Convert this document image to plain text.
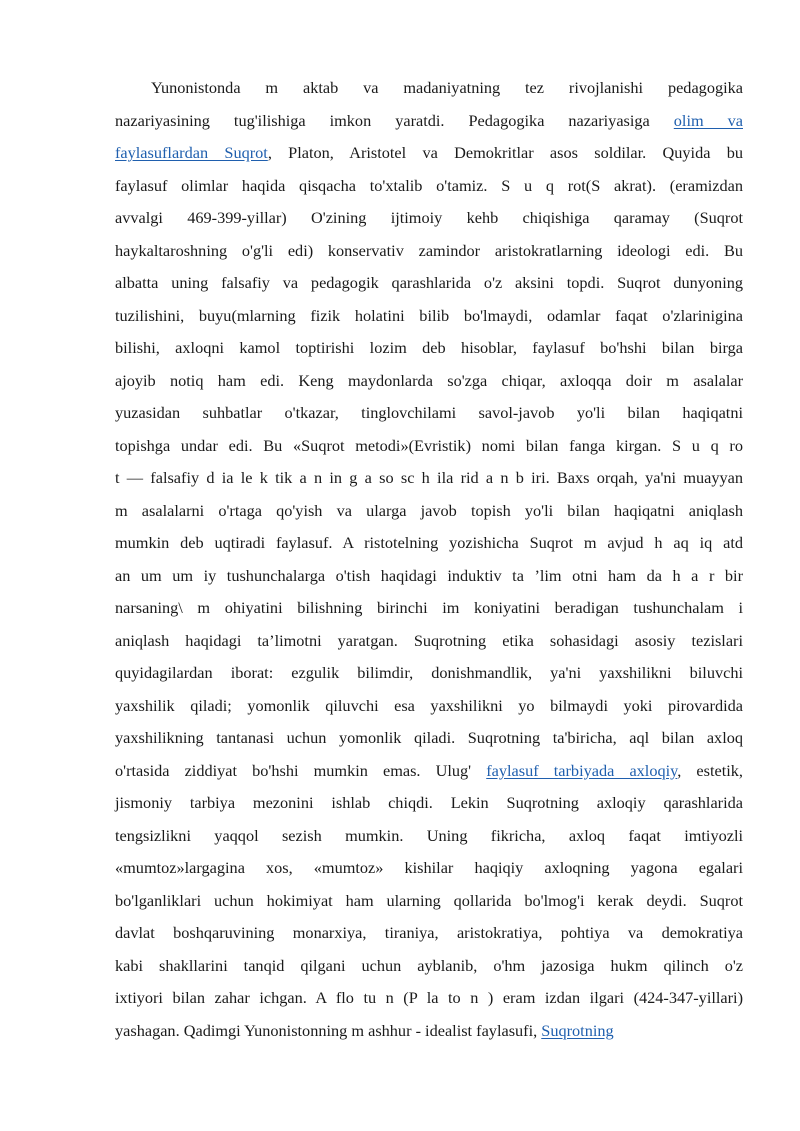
Yunonistonda m aktab va madaniyatning tez rivojlanishi pedagogika
nazariyasining tug'ilishiga imkon yaratdi. Pedagogika nazariyasiga olim va
faylasuflardan Suqrot, Platon, Aristotel va Demokritlar asos soldilar. Quyida bu
faylasuf olimlar haqida qisqacha to'xtalib o'tamiz. S u q rot(S akrat). (eramizdan
avvalgi 469-399-yillar) O'zining ijtimoiy kehb chiqishiga qaramay (Suqrot
haykaltaroshning o'g'li edi) konservativ zamindor aristokratlarning ideologi edi. Bu
albatta uning falsafiy va pedagogik qarashlarida o'z aksini topdi. Suqrot dunyoning
tuzilishini, buyu(mlarning fizik holatini bilib bo'lmaydi, odamlar faqat o'zlarinigina
bilishi, axloqni kamol toptirishi lozim deb hisoblar, faylasuf bo'hshi bilan birga
ajoyib notiq ham edi. Keng maydonlarda so'zga chiqar, axloqqa doir m asalalar
yuzasidan suhbatlar o'tkazar, tinglovchilami savol-javob yo'li bilan haqiqatni
topishga undar edi. Bu «Suqrot metodi»(Evristik) nomi bilan fanga kirgan. S u q ro
t — falsafiy d ia le k tik a n in g a so sc h ila rid a n b iri. Baxs orqah, ya'ni muayyan
m asalalarni o'rtaga qo'yish va ularga javob topish yo'li bilan haqiqatni aniqlash
mumkin deb uqtiradi faylasuf. A ristotelning yozishicha Suqrot m avjud h aq iq atd
an um um iy tushunchalarga o'tish haqidagi induktiv ta ’lim otni ham da h a r bir
narsaning\ m ohiyatini bilishning birinchi im koniyatini beradigan tushunchalam i
aniqlash haqidagi ta’limotni yaratgan. Suqrotning etika sohasidagi asosiy tezislari
quyidagilardan iborat: ezgulik bilimdir, donishmandlik, ya'ni yaxshilikni biluvchi
yaxshilik qiladi; yomonlik qiluvchi esa yaxshilikni yo bilmaydi yoki pirovardida
yaxshilikning tantanasi uchun yomonlik qiladi. Suqrotning ta'biricha, aql bilan axloq
o'rtasida ziddiyat bo'hshi mumkin emas. Ulug' faylasuf tarbiyada axloqiy, estetik,
jismoniy tarbiya mezonini ishlab chiqdi. Lekin Suqrotning axloqiy qarashlarida
tengsizlikni yaqqol sezish mumkin. Uning fikricha, axloq faqat imtiyozli
«mumtoz»largagina xos, «mumtoz» kishilar haqiqiy axloqning yagona egalari
bo'lganliklari uchun hokimiyat ham ularning qollarida bo'lmog'i kerak deydi. Suqrot
davlat boshqaruvining monarxiya, tiraniya, aristokratiya, pohtiya va demokratiya
kabi shakllarini tanqid qilgani uchun ayblanib, o'hm jazosiga hukm qilinch o'z
ixtiyori bilan zahar ichgan. A flo tu n (P la to n ) eram izdan ilgari (424-347-yillari)
yashagan. Qadimgi Yunonistonning m ashhur - idealist faylasufi, Suqrotning
